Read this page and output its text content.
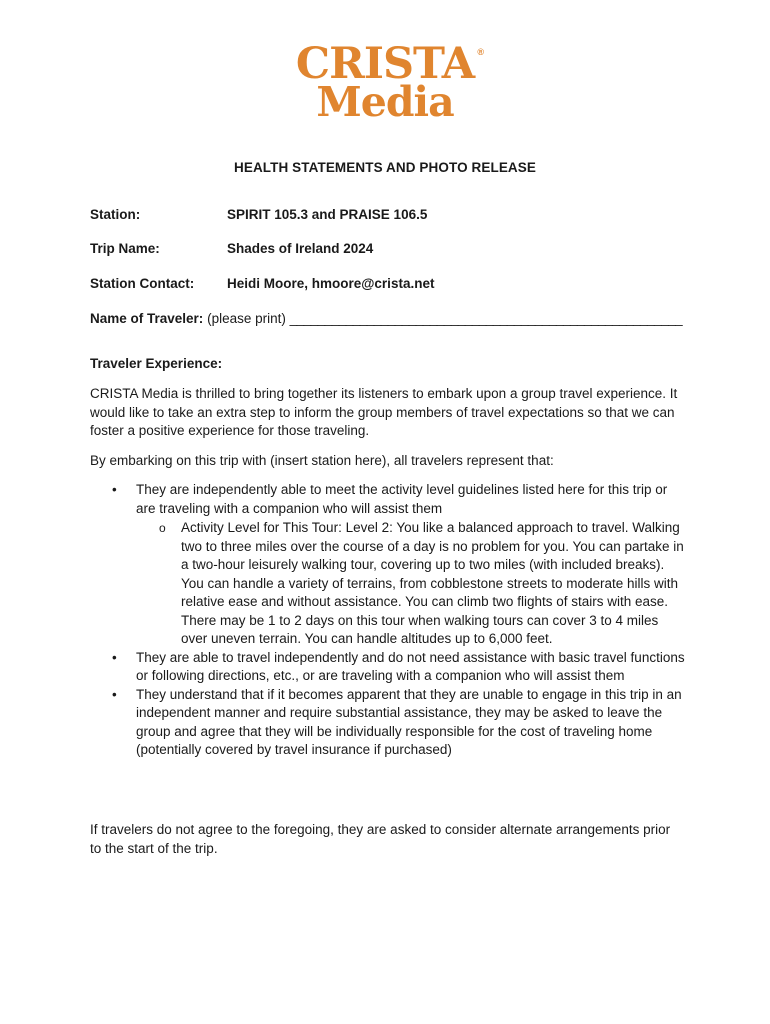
CRISTA ®
Media
HEALTH STATEMENTS AND PHOTO RELEASE
Station:	SPIRIT 105.3 and PRAISE 106.5
Trip Name:	Shades of Ireland 2024
Station Contact: Heidi Moore, hmoore@crista.net
Name of Traveler: (please print) ________________________________________________________
Traveler Experience:

CRISTA Media is thrilled to bring together its listeners to embark upon a group travel experience. It would like to take an extra step to inform the group members of travel expectations so that we can foster a positive experience for those traveling.

By embarking on this trip with (insert station here), all travelers represent that:

• They are independently able to meet the activity level guidelines listed here for this trip or are traveling with a companion who will assist them
o Activity Level for This Tour: Level 2: You like a balanced approach to travel. Walking two to three miles over the course of a day is no problem for you. You can partake in a two-hour leisurely walking tour, covering up to two miles (with included breaks). You can handle a variety of terrains, from cobblestone streets to moderate hills with relative ease and without assistance. You can climb two flights of stairs with ease. There may be 1 to 2 days on this tour when walking tours can cover 3 to 4 miles over uneven terrain. You can handle altitudes up to 6,000 feet.
• They are able to travel independently and do not need assistance with basic travel functions or following directions, etc., or are traveling with a companion who will assist them
• They understand that if it becomes apparent that they are unable to engage in this trip in an independent manner and require substantial assistance, they may be asked to leave the group and agree that they will be individually responsible for the cost of traveling home (potentially covered by travel insurance if purchased)

If travelers do not agree to the foregoing, they are asked to consider alternate arrangements prior to the start of the trip.
